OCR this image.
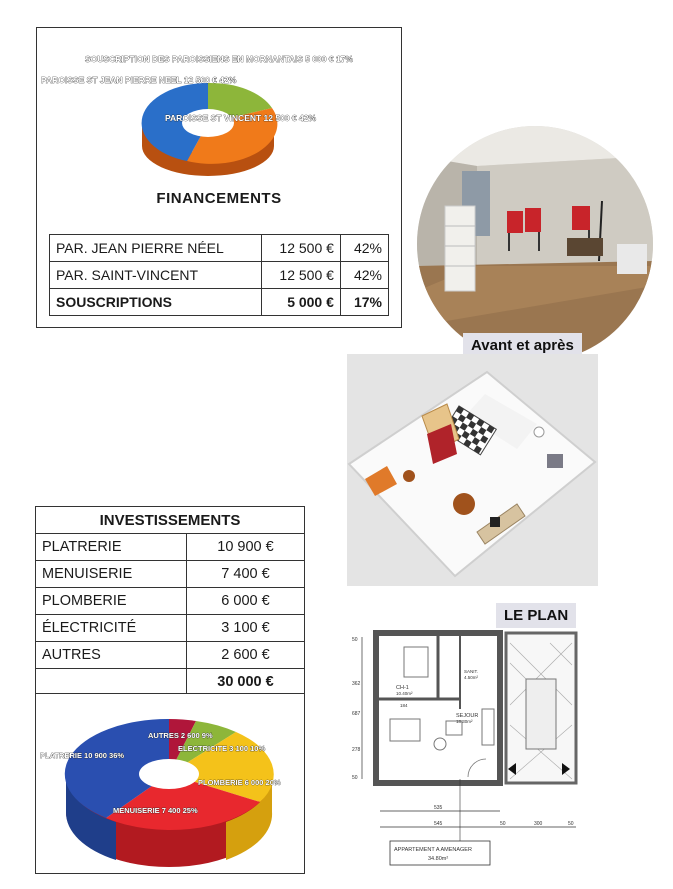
SOUSCRIPTION DES PAROISSIENS EN MORNANTAIS 5 000 € 17%
PAROISSE ST JEAN PIERRE NEEL 12 500 € 42%
PAROISSE ST VINCENT 12 500 € 42%
FINANCEMENTS
PAR. JEAN PIERRE NÉEL	12 500 €	42%
PAR. SAINT-VINCENT	12 500 €	42%
SOUSCRIPTIONS	5 000 €	17%
Avant et après
INVESTISSEMENTS	
PLATRERIE	10 900 €
MENUISERIE	7 400 €
PLOMBERIE	6 000 €
ÉLECTRICITÉ	3 100 €
AUTRES	2 600 €
	30 000 €
AUTRES 2 600 9%
ELECTRICITE 3 100 10%
PLATRERIE 10 900 36%
PLOMBERIE 6 000 20%
MENUISERIE 7 400 25%
LE PLAN
CH-1
10.40m²
SANIT.
4.50m²
SEJOUR
18.30m²
535
545	50	300	50
50
362
687
278
184
50
APPARTEMENT A AMENAGER
34.80m²
